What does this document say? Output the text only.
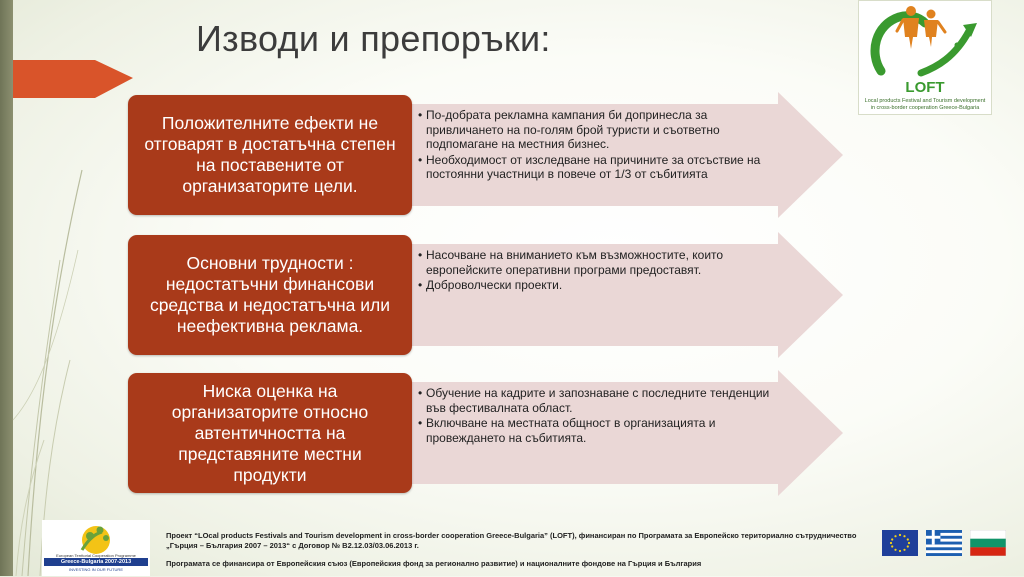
Изводи и препоръки:
LOFT
Local products Festival and Tourism development
in cross-border cooperation Greece-Bulgaria
Положителните ефекти не отговарят в достатъчна степен на поставените от организаторите цели.
• По-добрата рекламна кампания би допринесла за привличането на по-голям брой туристи и съответно подпомагане на местния бизнес.
• Необходимост от изследване на причините за отсъствие на постоянни участници в повече от 1/3 от събитията
Основни трудности : недостатъчни финансови средства и недостатъчна или неефективна реклама.
• Насочване на вниманието към възможностите, които европейските оперативни програми предоставят.
• Доброволчески проекти.
Ниска оценка на организаторите относно автентичността на представяните местни продукти
• Обучение на кадрите и запознаване с последните тенденции във фестивалната област.
• Включване на местната общност в организацията и провеждането на събитията.
European Territorial Cooperation Programme
Greece-Bulgaria 2007-2013
INVESTING IN OUR FUTURE

Проект “LOcal products Festivals and Tourism development in cross-border cooperation Greece-Bulgaria” (LOFT), финансиран по Програмата за Европейско териториално сътрудничество „Гърция – България 2007 – 2013“ с Договор № В2.12.03/03.06.2013 г.

Програмата се финансира от Европейския съюз (Европейския фонд за регионално развитие) и националните фондове на Гърция и България
